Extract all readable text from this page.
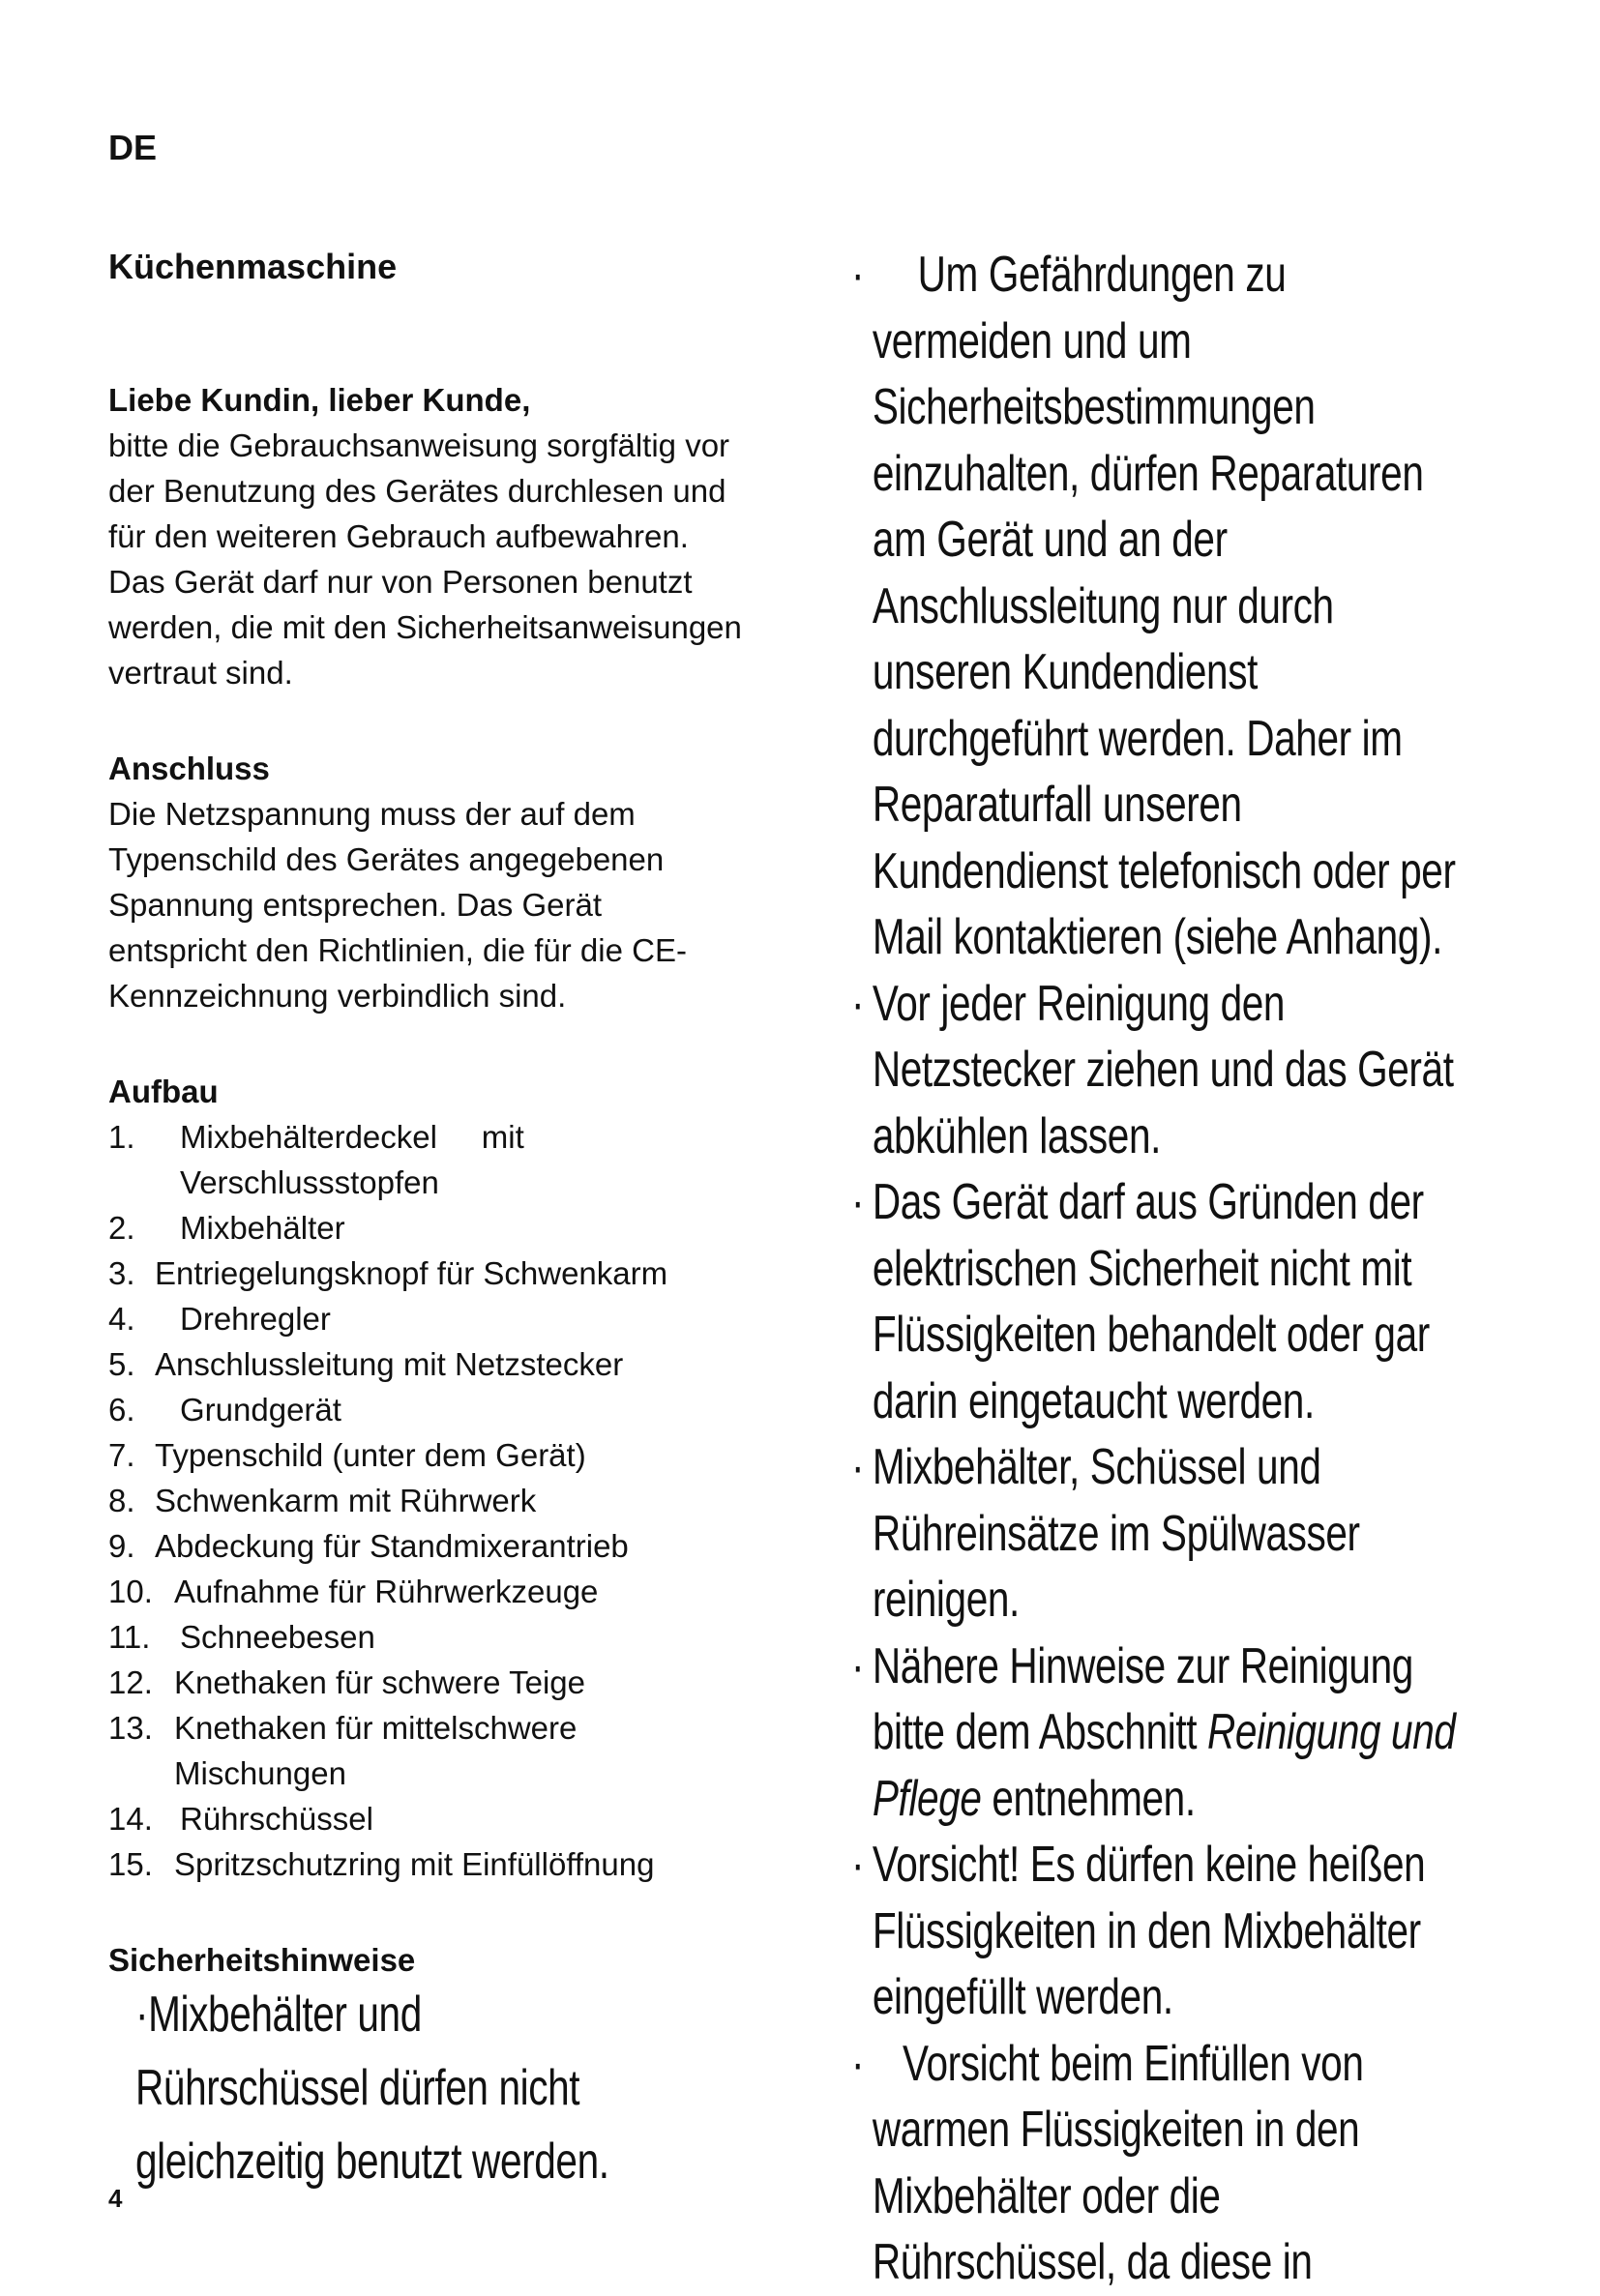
DE
Küchenmaschine
Liebe Kundin, lieber Kunde,

bitte die Gebrauchsanweisung sorgfältig vor

der Benutzung des Gerätes durchlesen und

für den weiteren Gebrauch aufbewahren.

Das Gerät darf nur von Personen benutzt

werden, die mit den Sicherheitsanweisungen

vertraut sind.

Anschluss

Die Netzspannung muss der auf dem

Typenschild des Gerätes angegebenen

Spannung entsprechen. Das Gerät

entspricht den Richtlinien, die für die CE-

Kennzeichnung verbindlich sind.

Aufbau
1.	Mixbehälterdeckel     mit Verschlussstopfen
2.	Mixbehälter
3. Entriegelungsknopf für Schwenkarm
4.	Drehregler
5. Anschlussleitung mit Netzstecker
6.	Grundgerät
7. Typenschild (unter dem Gerät)
8. Schwenkarm mit Rührwerk
9. Abdeckung für Standmixerantrieb
10. Aufnahme für Rührwerkzeuge
11. Schneebesen
12. Knethaken für schwere Teige
13. Knethaken für mittelschwere Mischungen
14. Rührschüssel
15. Spritzschutzring mit Einfüllöffnung
Sicherheitshinweise

·Mixbehälter und Rührschüssel dürfen nicht gleichzeitig benutzt werden.

· Um Gefährdungen zu vermeiden und um Sicherheitsbestimmungen einzuhalten, dürfen Reparaturen am Gerät und an der Anschlussleitung nur durch unseren Kundendienst durchgeführt werden. Daher im Reparaturfall unseren Kundendienst telefonisch oder per Mail kontaktieren (siehe Anhang).

· Vor jeder Reinigung den Netzstecker ziehen und das Gerät abkühlen lassen.

· Das Gerät darf aus Gründen der elektrischen Sicherheit nicht mit Flüssigkeiten behandelt oder gar darin eingetaucht werden.

· Mixbehälter, Schüssel und Rühreinsätze im Spülwasser reinigen.

· Nähere Hinweise zur Reinigung bitte dem Abschnitt Reinigung und Pflege entnehmen.

· Vorsicht! Es dürfen keine heißen Flüssigkeiten in den Mixbehälter eingefüllt werden.

· Vorsicht beim Einfüllen von warmen Flüssigkeiten in den Mixbehälter oder die Rührschüssel, da diese in

4
